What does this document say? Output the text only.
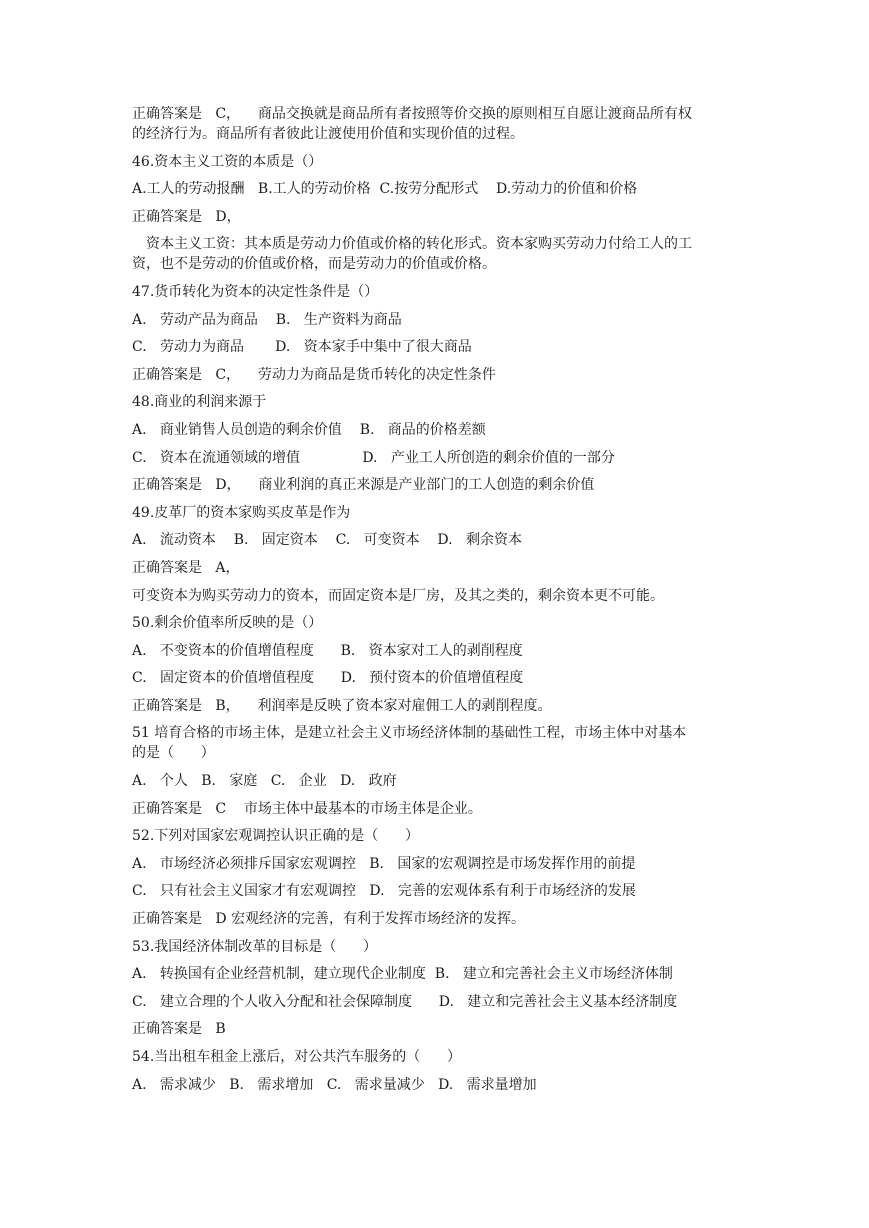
正确答案是   C，    商品交换就是商品所有者按照等价交换的原则相互自愿让渡商品所有权
的经济行为。商品所有者彼此让渡使用价值和实现价值的过程。
46.资本主义工资的本质是（）
A.工人的劳动报酬   B.工人的劳动价格  C.按劳分配形式    D.劳动力的价值和价格
正确答案是   D，
资本主义工资：其本质是劳动力价值或价格的转化形式。资本家购买劳动力付给工人的工
资，也不是劳动的价值或价格，而是劳动力的价值或价格。
47.货币转化为资本的决定性条件是（）
A.   劳动产品为商品    B.   生产资料为商品
C.   劳动力为商品       D.   资本家手中集中了很大商品
正确答案是   C，    劳动力为商品是货币转化的决定性条件
48.商业的利润来源于
A.   商业销售人员创造的剩余价值    B.   商品的价格差额
C.   资本在流通领域的增值              D.   产业工人所创造的剩余价值的一部分
正确答案是   D，    商业利润的真正来源是产业部门的工人创造的剩余价值
49.皮革厂的资本家购买皮革是作为
A.   流动资本    B.   固定资本    C.   可变资本    D.   剩余资本
正确答案是   A，
可变资本为购买劳动力的资本，而固定资本是厂房，及其之类的，剩余资本更不可能。
50.剩余价值率所反映的是（）
A.   不变资本的价值增值程度      B.   资本家对工人的剥削程度
C.   固定资本的价值增值程度      D.   预付资本的价值增值程度
正确答案是   B，    利润率是反映了资本家对雇佣工人的剥削程度。
51 培育合格的市场主体，是建立社会主义市场经济体制的基础性工程，市场主体中对基本
的是（      ）
A.   个人   B.   家庭   C.   企业   D.   政府
正确答案是   C    市场主体中最基本的市场主体是企业。
52.下列对国家宏观调控认识正确的是（      ）
A.   市场经济必须排斥国家宏观调控   B.   国家的宏观调控是市场发挥作用的前提
C.   只有社会主义国家才有宏观调控   D.   完善的宏观体系有利于市场经济的发展
正确答案是   D 宏观经济的完善，有利于发挥市场经济的发挥。
53.我国经济体制改革的目标是（      ）
A.   转换国有企业经营机制，建立现代企业制度  B.   建立和完善社会主义市场经济体制
C.   建立合理的个人收入分配和社会保障制度      D.   建立和完善社会主义基本经济制度
正确答案是   B
54.当出租车租金上涨后，对公共汽车服务的（      ）
A.   需求减少   B.   需求增加   C.   需求量减少   D.   需求量增加
